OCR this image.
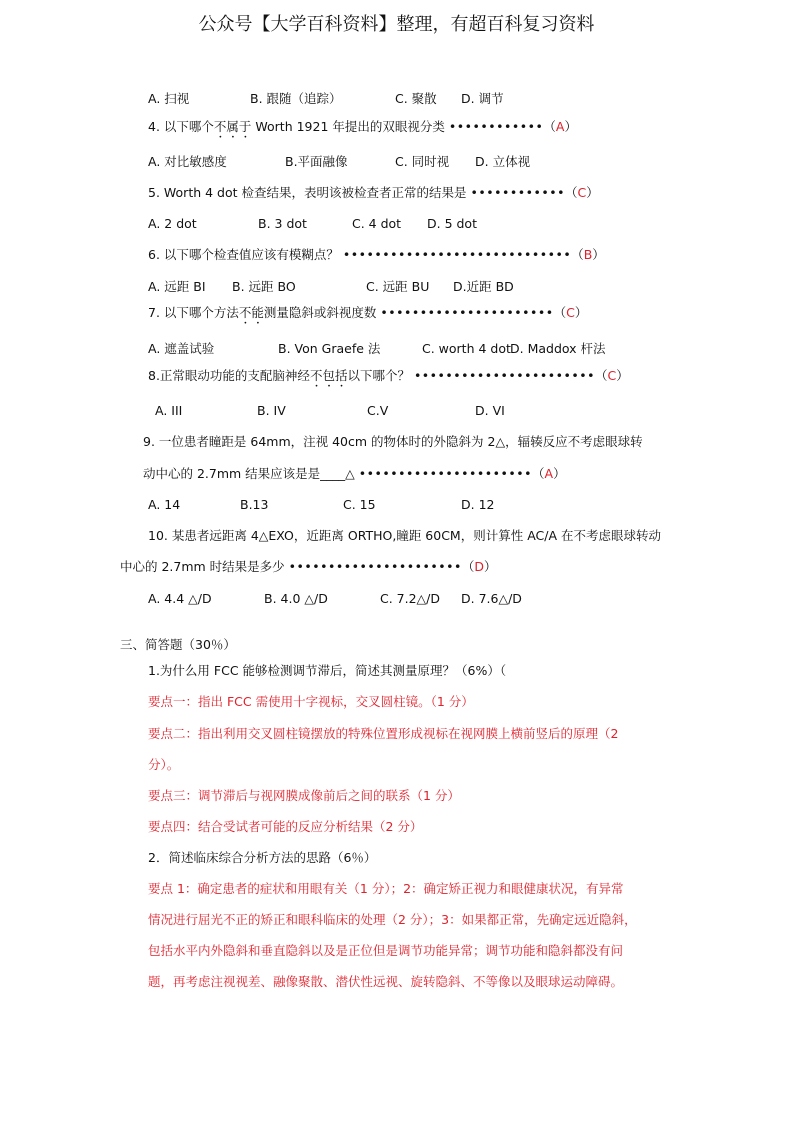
公众号【大学百科资料】整理，有超百科复习资料
A. 扫视	B. 跟随（追踪）	C. 聚散 D. 调节
4. 以下哪个不属于 Worth 1921 年提出的双眼视分类 ••••••••••••（A）
A. 对比敏感度	B.平面融像	C. 同时视 D. 立体视
5. Worth 4 dot 检查结果，表明该被检查者正常的结果是 ••••••••••••（C）
A. 2 dot	B. 3 dot	C. 4 dot D. 5 dot
6. 以下哪个检查值应该有模糊点？ •••••••••••••••••••••••••••••（B）
A. 远距 BI B. 远距 BO	C. 远距 BU D.近距 BD
7. 以下哪个方法不能测量隐斜或斜视度数 ••••••••••••••••••••••（C）
A. 遮盖试验	B. Von Graefe 法	C. worth 4 dot D. Maddox 杆法
8.正常眼动功能的支配脑神经不包括以下哪个？ •••••••••••••••••••••••（C）
A. III	B. IV	C.V	D. VI
9. 一位患者瞳距是 64mm，注视 40cm 的物体时的外隐斜为 2△，辐辏反应不考虑眼球转
动中心的 2.7mm 结果应该是是____△ ••••••••••••••••••••••（A）
A. 14	B.13	C. 15	D. 12
10. 某患者远距离 4△EXO，近距离 ORTHO,瞳距 60CM，则计算性 AC/A 在不考虑眼球转动
中心的 2.7mm 时结果是多少 ••••••••••••••••••••••（D）
A. 4.4 △/D	B. 4.0 △/D	C. 7.2△/D D. 7.6△/D
三、简答题（30％）
1.为什么用 FCC 能够检测调节滞后，简述其测量原理？（6%）（
要点一：指出 FCC 需使用十字视标，交叉圆柱镜。（1 分）
要点二：指出利用交叉圆柱镜摆放的特殊位置形成视标在视网膜上横前竖后的原理（2
分）。
要点三：调节滞后与视网膜成像前后之间的联系（1 分）
要点四：结合受试者可能的反应分析结果（2 分）
2．简述临床综合分析方法的思路（6％）
要点 1：确定患者的症状和用眼有关（1 分）；2：确定矫正视力和眼健康状况，有异常
情况进行屈光不正的矫正和眼科临床的处理（2 分）；3：如果都正常，先确定远近隐斜，
包括水平内外隐斜和垂直隐斜以及是正位但是调节功能异常；调节功能和隐斜都没有问
题，再考虑注视视差、融像聚散、潜伏性远视、旋转隐斜、不等像以及眼球运动障碍。
